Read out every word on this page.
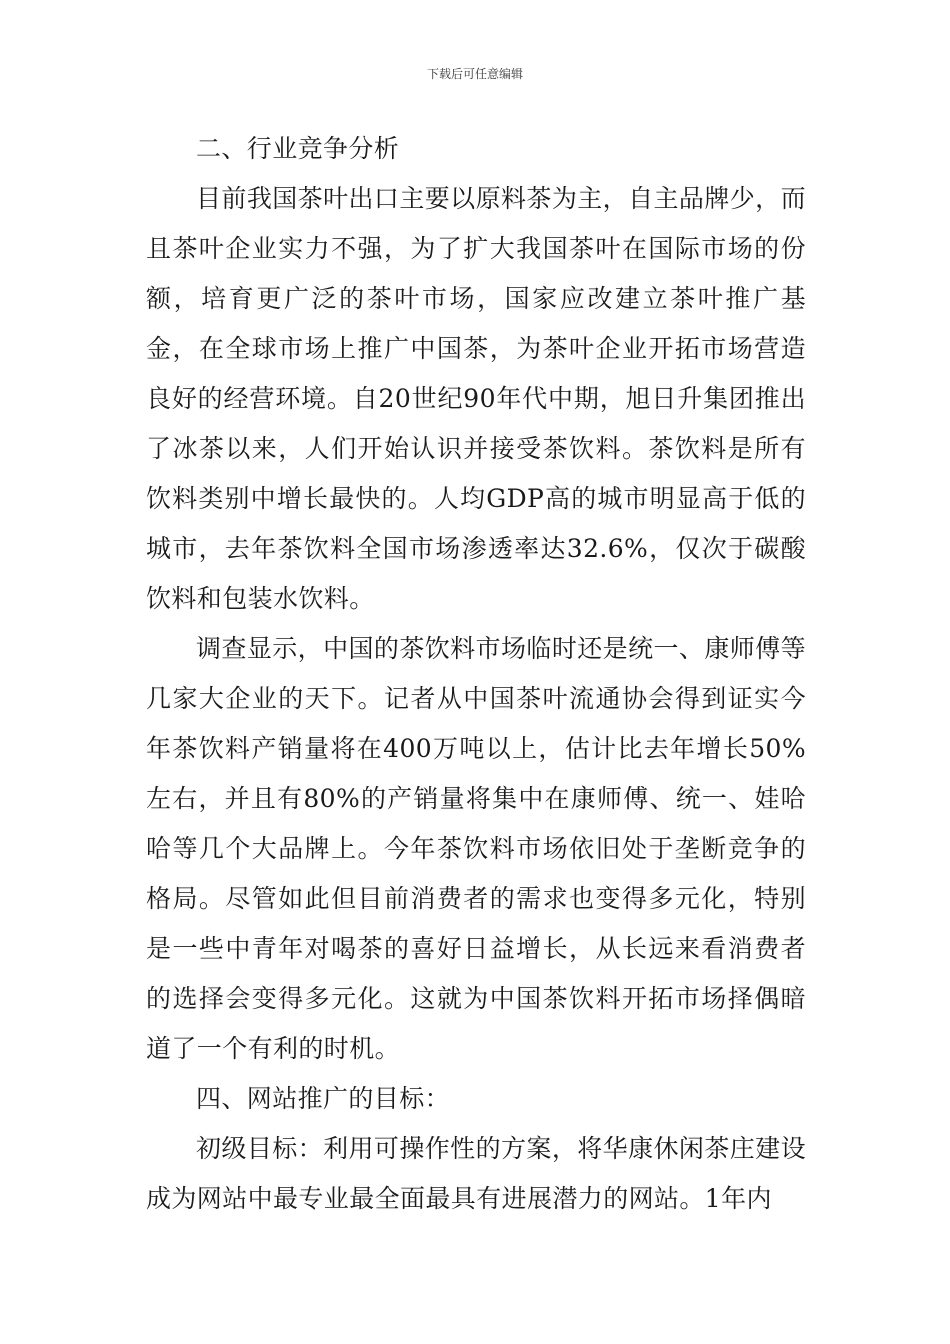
下载后可任意编辑

二、行业竞争分析

目前我国茶叶出口主要以原料茶为主，自主品牌少，而且茶叶企业实力不强，为了扩大我国茶叶在国际市场的份额，培育更广泛的茶叶市场，国家应改建立茶叶推广基金，在全球市场上推广中国茶，为茶叶企业开拓市场营造良好的经营环境。自20世纪90年代中期，旭日升集团推出了冰茶以来，人们开始认识并接受茶饮料。茶饮料是所有饮料类别中增长最快的。人均GDP高的城市明显高于低的城市，去年茶饮料全国市场渗透率达32.6%，仅次于碳酸饮料和包装水饮料。

调查显示，中国的茶饮料市场临时还是统一、康师傅等几家大企业的天下。记者从中国茶叶流通协会得到证实今年茶饮料产销量将在400万吨以上，估计比去年增长50%左右，并且有80%的产销量将集中在康师傅、统一、娃哈哈等几个大品牌上。今年茶饮料市场依旧处于垄断竞争的格局。尽管如此但目前消费者的需求也变得多元化，特别是一些中青年对喝茶的喜好日益增长，从长远来看消费者的选择会变得多元化。这就为中国茶饮料开拓市场择偶暗道了一个有利的时机。

四、网站推广的目标：

初级目标：利用可操作性的方案，将华康休闲茶庄建设成为网站中最专业最全面最具有进展潜力的网站。1年内
